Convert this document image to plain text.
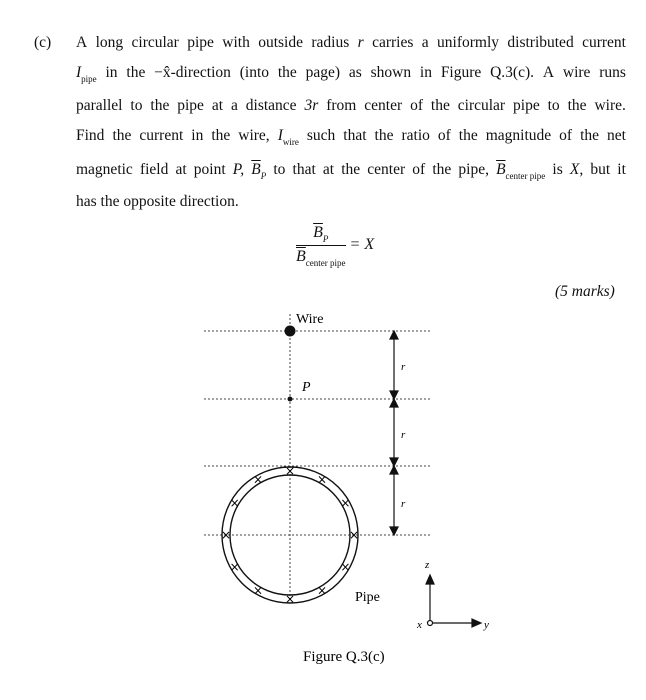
(c) A long circular pipe with outside radius r carries a uniformly distributed current
$I_{pipe}$ in the −x̂-direction (into the page) as shown in Figure Q.3(c). A wire runs
parallel to the pipe at a distance 3r from center of the circular pipe to the wire.
Find the current in the wire, $I_{wire}$ such that the ratio of the magnitude of the net
magnetic field at point P, $\overline{B}_P$ to that at the center of the pipe, $\overline{B}_{center pipe}$ is X, but it
has the opposite direction.
$\frac{\overline{B}_P}{\overline{B}_{center pipe}} = X$
(5 marks)
×
×
×
×
×
×
×
×
×
×
×
×
Wire
P
r
r
r
Pipe
z
x	y
Figure Q.3(c)
